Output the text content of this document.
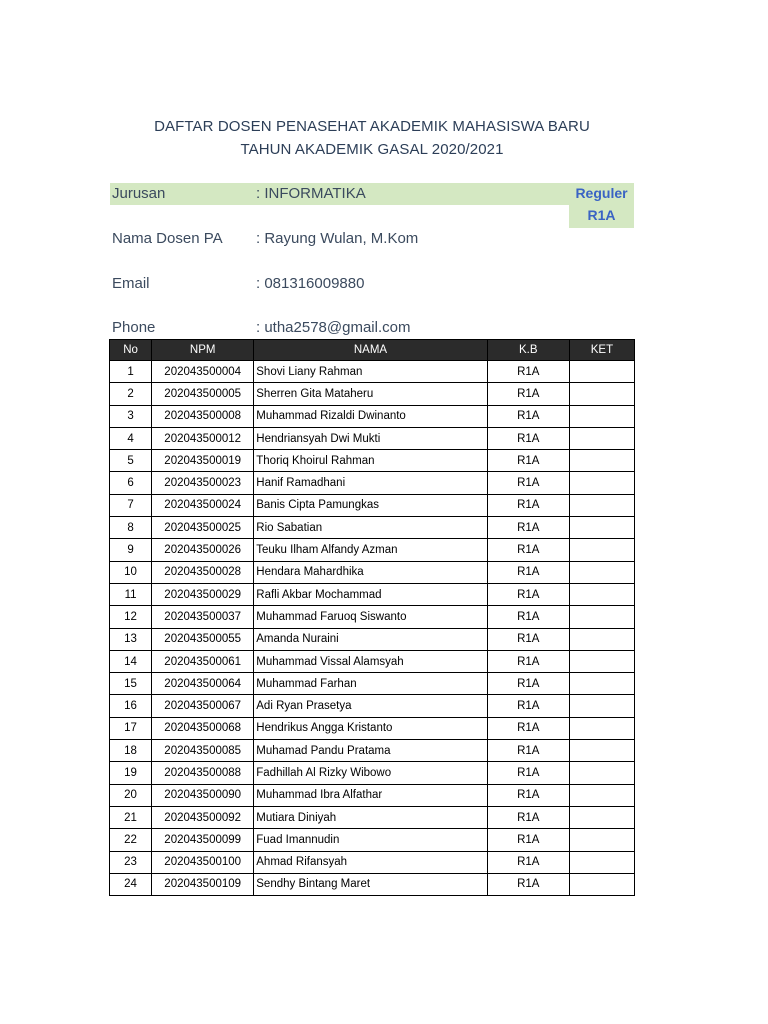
DAFTAR DOSEN PENASEHAT AKADEMIK MAHASISWA BARU
TAHUN AKADEMIK GASAL 2020/2021
Jurusan	: INFORMATIKA	Reguler
R1A
Nama Dosen PA : Rayung Wulan, M.Kom
Email	: 081316009880
Phone	: utha2578@gmail.com
No	NPM	NAMA	K.B	KET
1	202043500004	Shovi Liany Rahman	R1A	
2	202043500005	Sherren Gita Mataheru	R1A	
3	202043500008	Muhammad Rizaldi Dwinanto	R1A	
4	202043500012	Hendriansyah Dwi Mukti	R1A	
5	202043500019	Thoriq Khoirul Rahman	R1A	
6	202043500023	Hanif Ramadhani	R1A	
7	202043500024	Banis Cipta Pamungkas	R1A	
8	202043500025	Rio Sabatian	R1A	
9	202043500026	Teuku Ilham Alfandy Azman	R1A	
10	202043500028	Hendara Mahardhika	R1A	
11	202043500029	Rafli Akbar Mochammad	R1A	
12	202043500037	Muhammad Faruoq Siswanto	R1A	
13	202043500055	Amanda Nuraini	R1A	
14	202043500061	Muhammad Vissal Alamsyah	R1A	
15	202043500064	Muhammad Farhan	R1A	
16	202043500067	Adi Ryan Prasetya	R1A	
17	202043500068	Hendrikus Angga Kristanto	R1A	
18	202043500085	Muhamad Pandu Pratama	R1A	
19	202043500088	Fadhillah Al Rizky Wibowo	R1A	
20	202043500090	Muhammad Ibra Alfathar	R1A	
21	202043500092	Mutiara Diniyah	R1A	
22	202043500099	Fuad Imannudin	R1A	
23	202043500100	Ahmad Rifansyah	R1A	
24	202043500109	Sendhy Bintang Maret	R1A	
